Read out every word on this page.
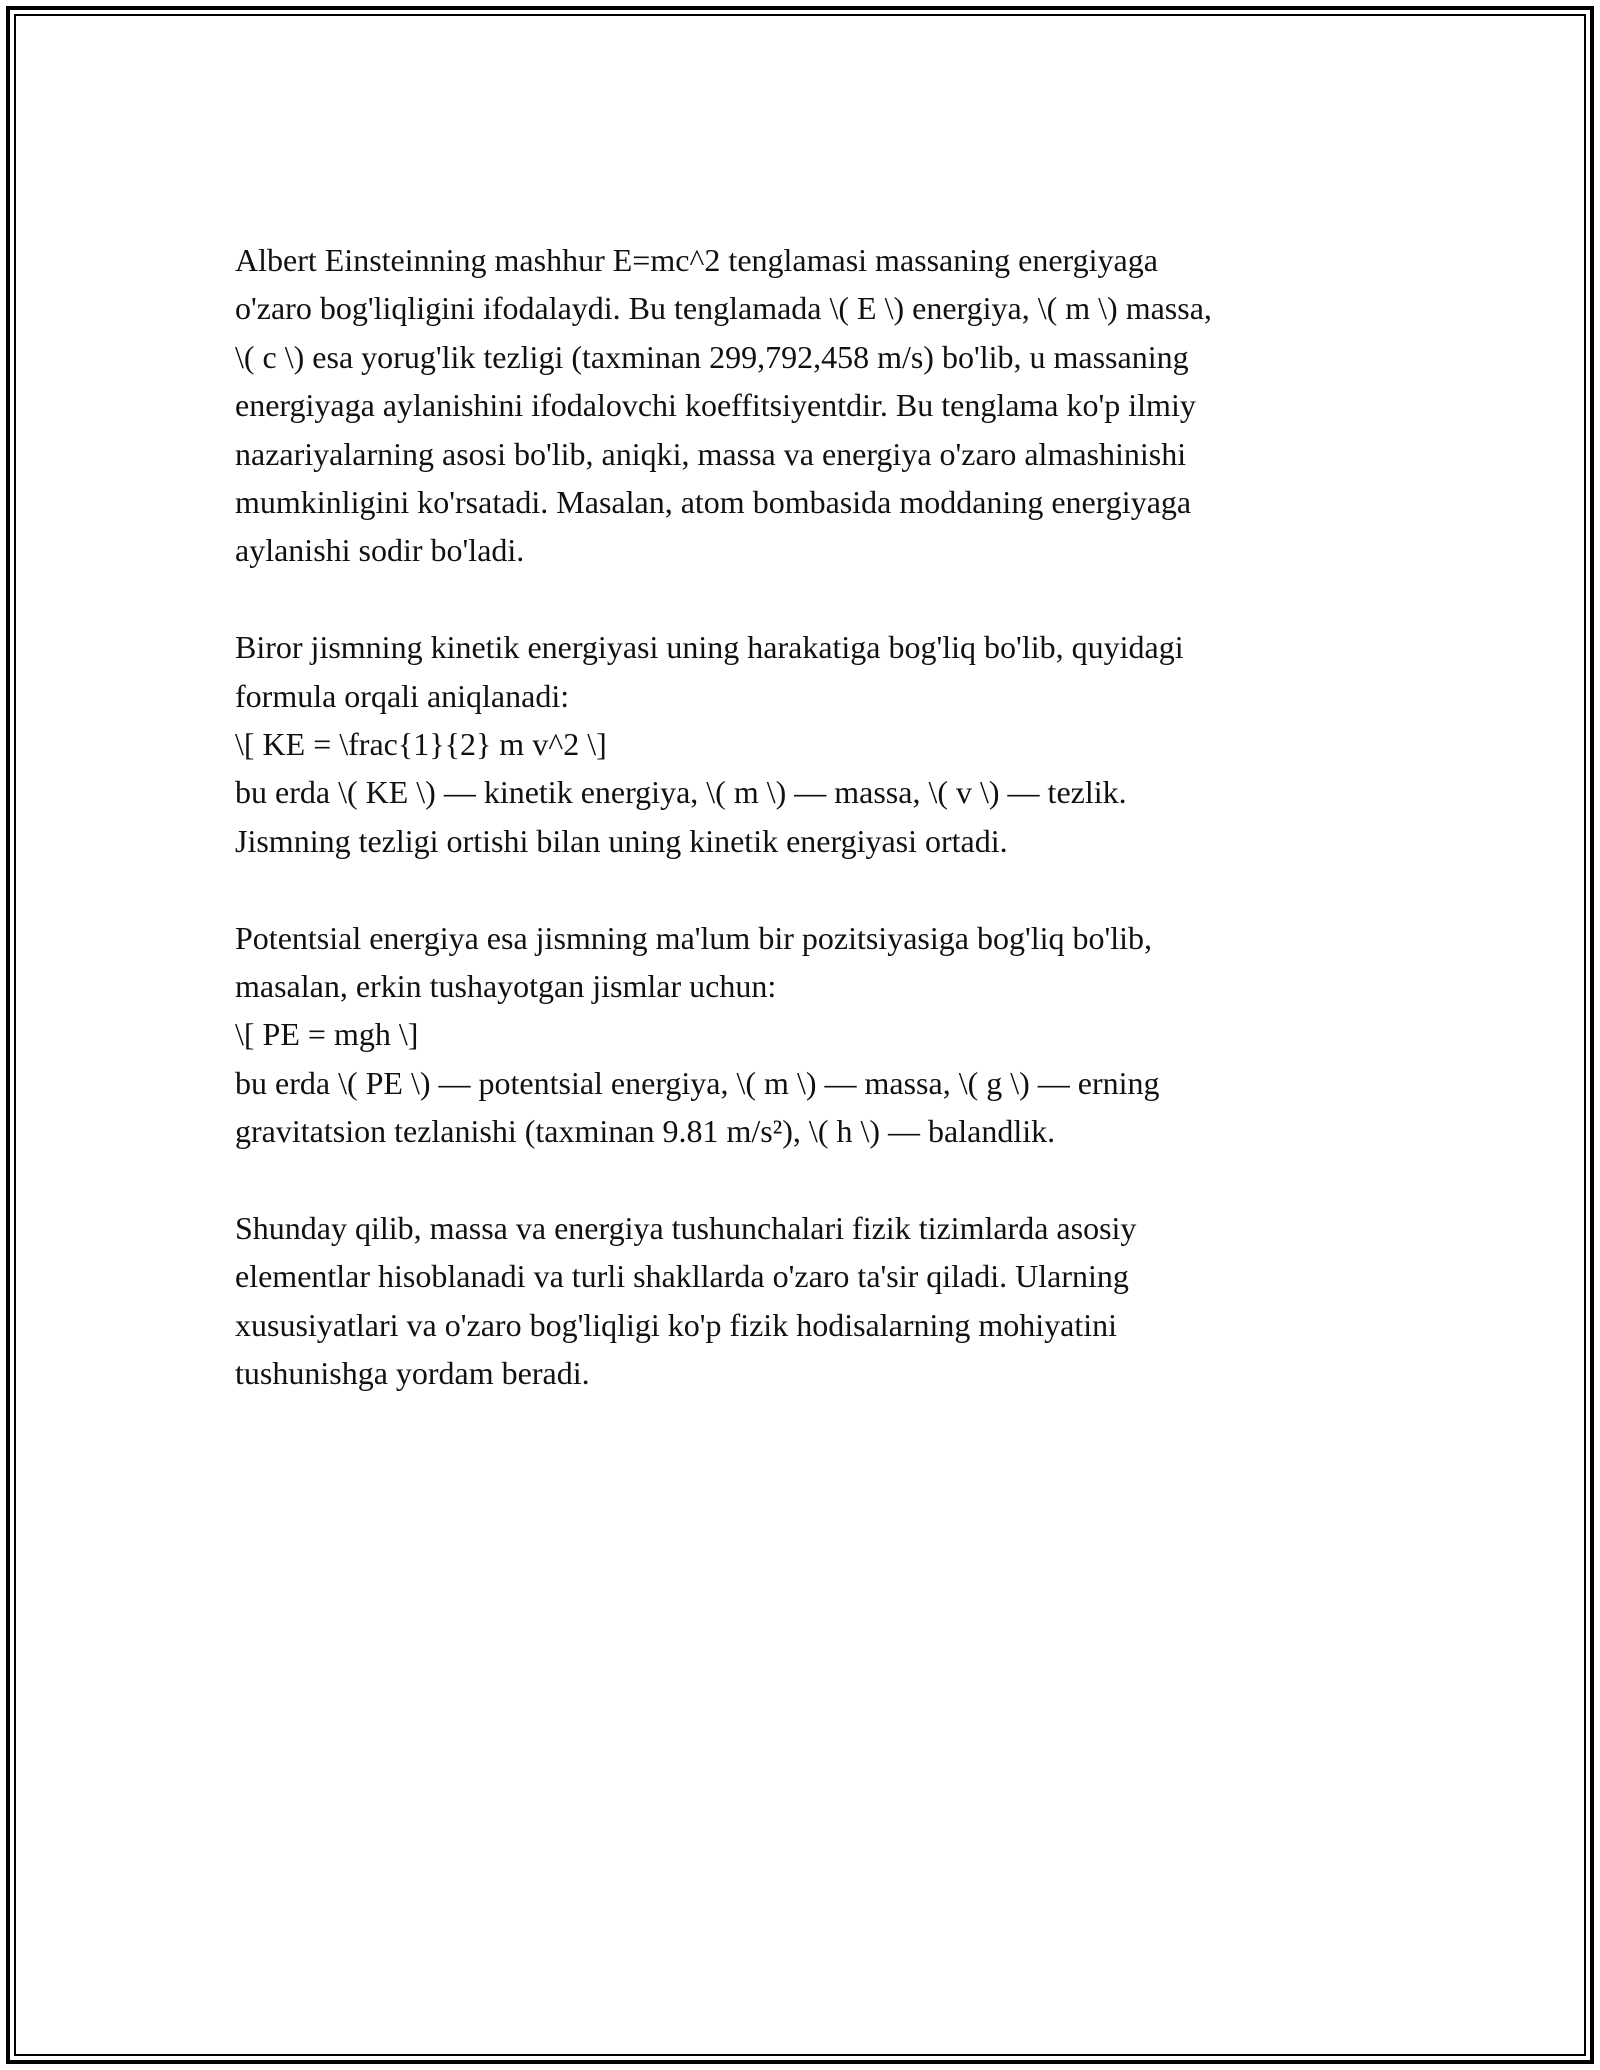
Albert Einsteinning mashhur E=mc^2 tenglamasi massaning energiyaga
o'zaro bog'liqligini ifodalaydi. Bu tenglamada \( E \) energiya, \( m \) massa,
\( c \) esa yorug'lik tezligi (taxminan 299,792,458 m/s) bo'lib, u massaning
energiyaga aylanishini ifodalovchi koeffitsiyentdir. Bu tenglama ko'p ilmiy
nazariyalarning asosi bo'lib, aniqki, massa va energiya o'zaro almashinishi
mumkinligini ko'rsatadi. Masalan, atom bombasida moddaning energiyaga
aylanishi sodir bo'ladi.

Biror jismning kinetik energiyasi uning harakatiga bog'liq bo'lib, quyidagi
formula orqali aniqlanadi:
\[ KE = \frac{1}{2} m v^2 \]
bu erda \( KE \) — kinetik energiya, \( m \) — massa, \( v \) — tezlik.
Jismning tezligi ortishi bilan uning kinetik energiyasi ortadi.

Potentsial energiya esa jismning ma'lum bir pozitsiyasiga bog'liq bo'lib,
masalan, erkin tushayotgan jismlar uchun:
\[ PE = mgh \]
bu erda \( PE \) — potentsial energiya, \( m \) — massa, \( g \) — erning
gravitatsion tezlanishi (taxminan 9.81 m/s²), \( h \) — balandlik.

Shunday qilib, massa va energiya tushunchalari fizik tizimlarda asosiy
elementlar hisoblanadi va turli shakllarda o'zaro ta'sir qiladi. Ularning
xususiyatlari va o'zaro bog'liqligi ko'p fizik hodisalarning mohiyatini
tushunishga yordam beradi.
